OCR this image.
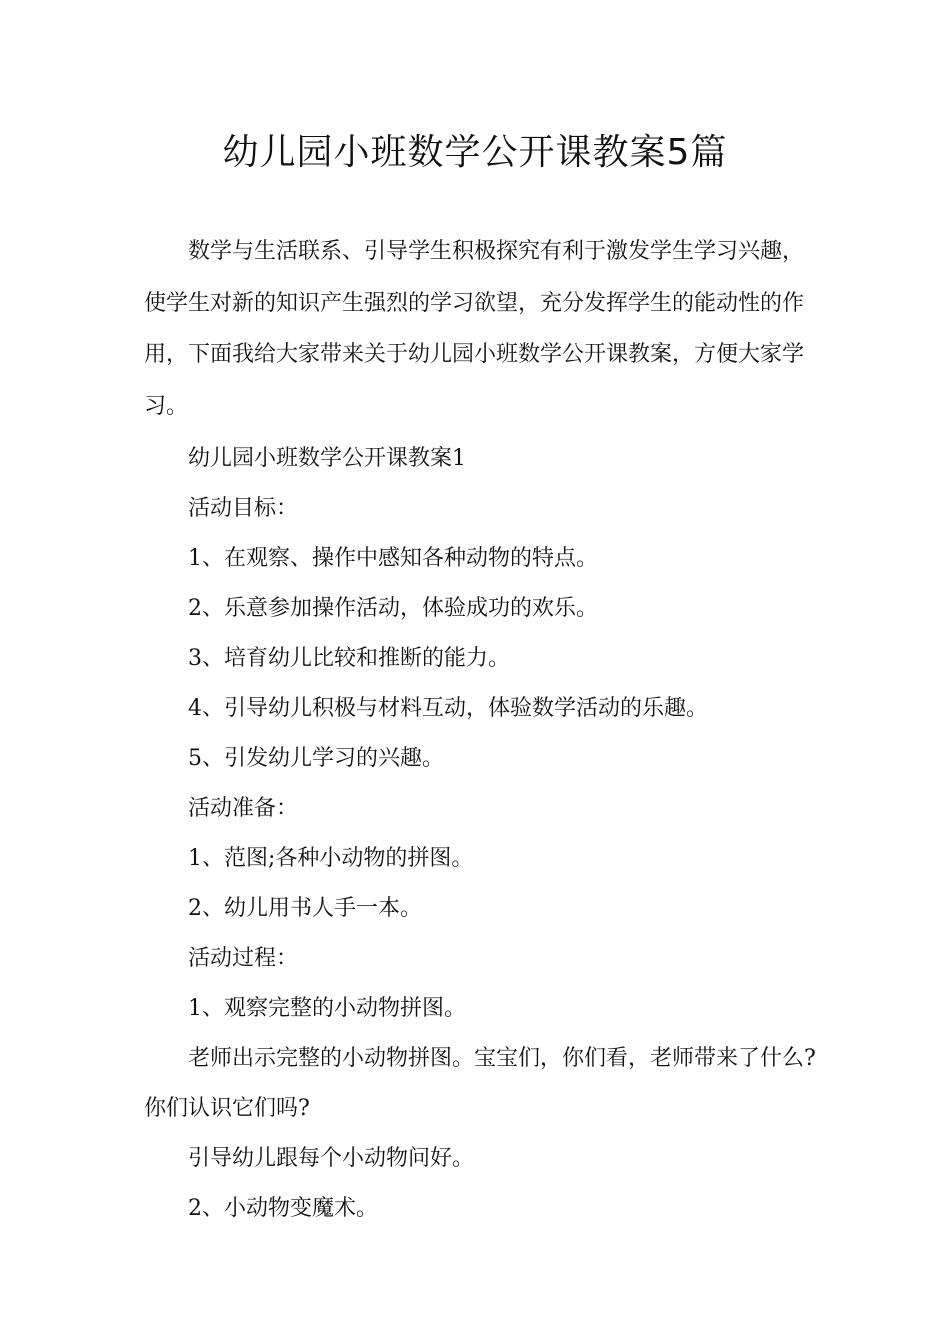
幼儿园小班数学公开课教案5篇

数学与生活联系、引导学生积极探究有利于激发学生学习兴趣，使学生对新的知识产生强烈的学习欲望，充分发挥学生的能动性的作用，下面我给大家带来关于幼儿园小班数学公开课教案，方便大家学习。

幼儿园小班数学公开课教案1

活动目标：

1、在观察、操作中感知各种动物的特点。

2、乐意参加操作活动，体验成功的欢乐。

3、培育幼儿比较和推断的能力。

4、引导幼儿积极与材料互动，体验数学活动的乐趣。

5、引发幼儿学习的兴趣。

活动准备：

1、范图;各种小动物的拼图。

2、幼儿用书人手一本。

活动过程：

1、观察完整的小动物拼图。

老师出示完整的小动物拼图。宝宝们，你们看，老师带来了什么?你们认识它们吗?

引导幼儿跟每个小动物问好。

2、小动物变魔术。
